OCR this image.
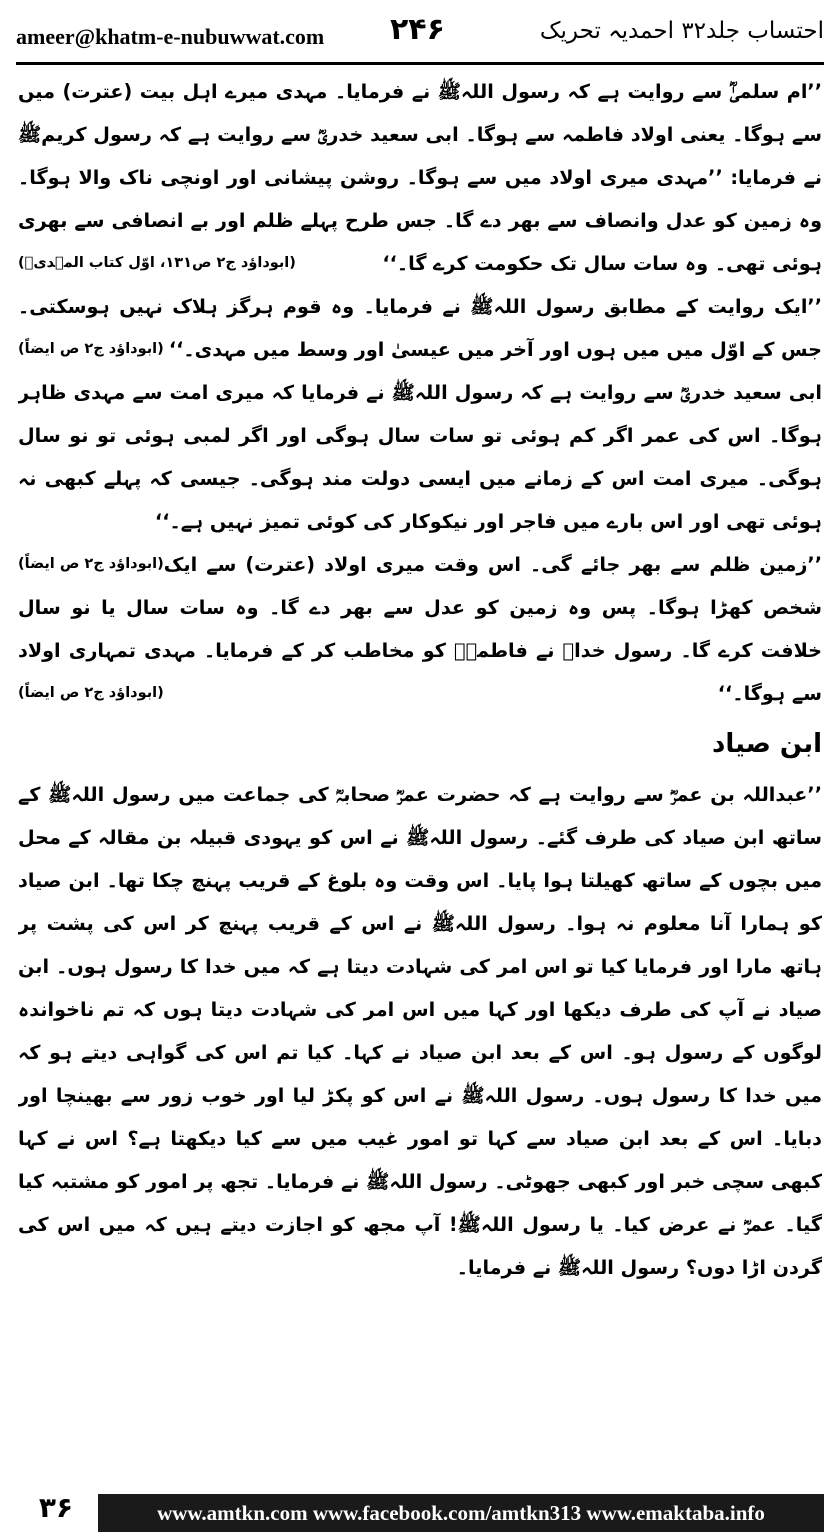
ameer@khatm-e-nubuwwat.com ۲۴۶	احتساب جلد۳۲ احمدیہ تحریک

’’ام سلمیٰؓ سے روایت ہے کہ رسول اللہﷺ نے فرمایا۔ مہدی میرے اہل بیت (عترت) میں سے ہوگا۔ یعنی اولاد فاطمہ سے ہوگا۔ ابی سعید خدریؓ سے روایت ہے کہ رسول کریمﷺ نے فرمایا: ’’مہدی میری اولاد میں سے ہوگا۔ روشن پیشانی اور اونچی ناک والا ہوگا۔ وہ زمین کو عدل وانصاف سے بھر دے گا۔ جس طرح پہلے ظلم اور بے انصافی سے بھری ہوئی تھی۔ وہ سات سال تک حکومت کرے گا۔‘‘
(ابوداؤد ج۲ ص۱۳۱، اوّل کتاب المہدیؓ)

’’ایک روایت کے مطابق رسول اللہﷺ نے فرمایا۔ وہ قوم ہرگز ہلاک نہیں ہوسکتی۔ جس کے اوّل میں میں ہوں اور آخر میں عیسیٰ اور وسط میں مہدی۔‘‘
(ابوداؤد ج۲ ص ایضاً)

ابی سعید خدریؓ سے روایت ہے کہ رسول اللہﷺ نے فرمایا کہ میری امت سے مہدی ظاہر ہوگا۔ اس کی عمر اگر کم ہوئی تو سات سال ہوگی اور اگر لمبی ہوئی تو نو سال ہوگی۔ میری امت اس کے زمانے میں ایسی دولت مند ہوگی۔ جیسی کہ پہلے کبھی نہ ہوئی تھی اور اس بارے میں فاجر اور نیکوکار کی کوئی تمیز نہیں ہے۔‘‘
(ابوداؤد ج۲ ص ایضاً) ’’زمین ظلم سے بھر جائے گی۔ اس وقت میری اولاد (عترت) سے ایک شخص کھڑا ہوگا۔ پس وہ زمین کو عدل سے بھر دے گا۔ وہ سات سال یا نو سال خلافت کرے گا۔ رسول خداﷺ نے فاطمہؓ کو مخاطب کر کے فرمایا۔ مہدی تمہاری اولاد سے ہوگا۔‘‘
(ابوداؤد ج۲ ص ایضاً)

ابن صیاد

’’عبداللہ بن عمرؓ سے روایت ہے کہ حضرت عمرؓ صحابہؓ کی جماعت میں رسول اللہﷺ کے ساتھ ابن صیاد کی طرف گئے۔ رسول اللہﷺ نے اس کو یہودی قبیلہ بن مقالہ کے محل میں بچوں کے ساتھ کھیلتا ہوا پایا۔ اس وقت وہ بلوغ کے قریب پہنچ چکا تھا۔ ابن صیاد کو ہمارا آنا معلوم نہ ہوا۔ رسول اللہﷺ نے اس کے قریب پہنچ کر اس کی پشت پر ہاتھ مارا اور فرمایا کیا تو اس امر کی شہادت دیتا ہے کہ میں خدا کا رسول ہوں۔ ابن صیاد نے آپ کی طرف دیکھا اور کہا میں اس امر کی شہادت دیتا ہوں کہ تم ناخواندہ لوگوں کے رسول ہو۔ اس کے بعد ابن صیاد نے کہا۔ کیا تم اس کی گواہی دیتے ہو کہ میں خدا کا رسول ہوں۔ رسول اللہﷺ نے اس کو پکڑ لیا اور خوب زور سے بھینچا اور دبایا۔ اس کے بعد ابن صیاد سے کہا تو امور غیب میں سے کیا دیکھتا ہے؟ اس نے کہا کبھی سچی خبر اور کبھی جھوٹی۔ رسول اللہﷺ نے فرمایا۔ تجھ پر امور کو مشتبہ کیا گیا۔ عمرؓ نے عرض کیا۔ یا رسول اللہﷺ! آپ مجھ کو اجازت دیتے ہیں کہ میں اس کی گردن اڑا دوں؟ رسول اللہﷺ نے فرمایا۔

۳۶	www.amtkn.com www.facebook.com/amtkn313 www.emaktaba.info
